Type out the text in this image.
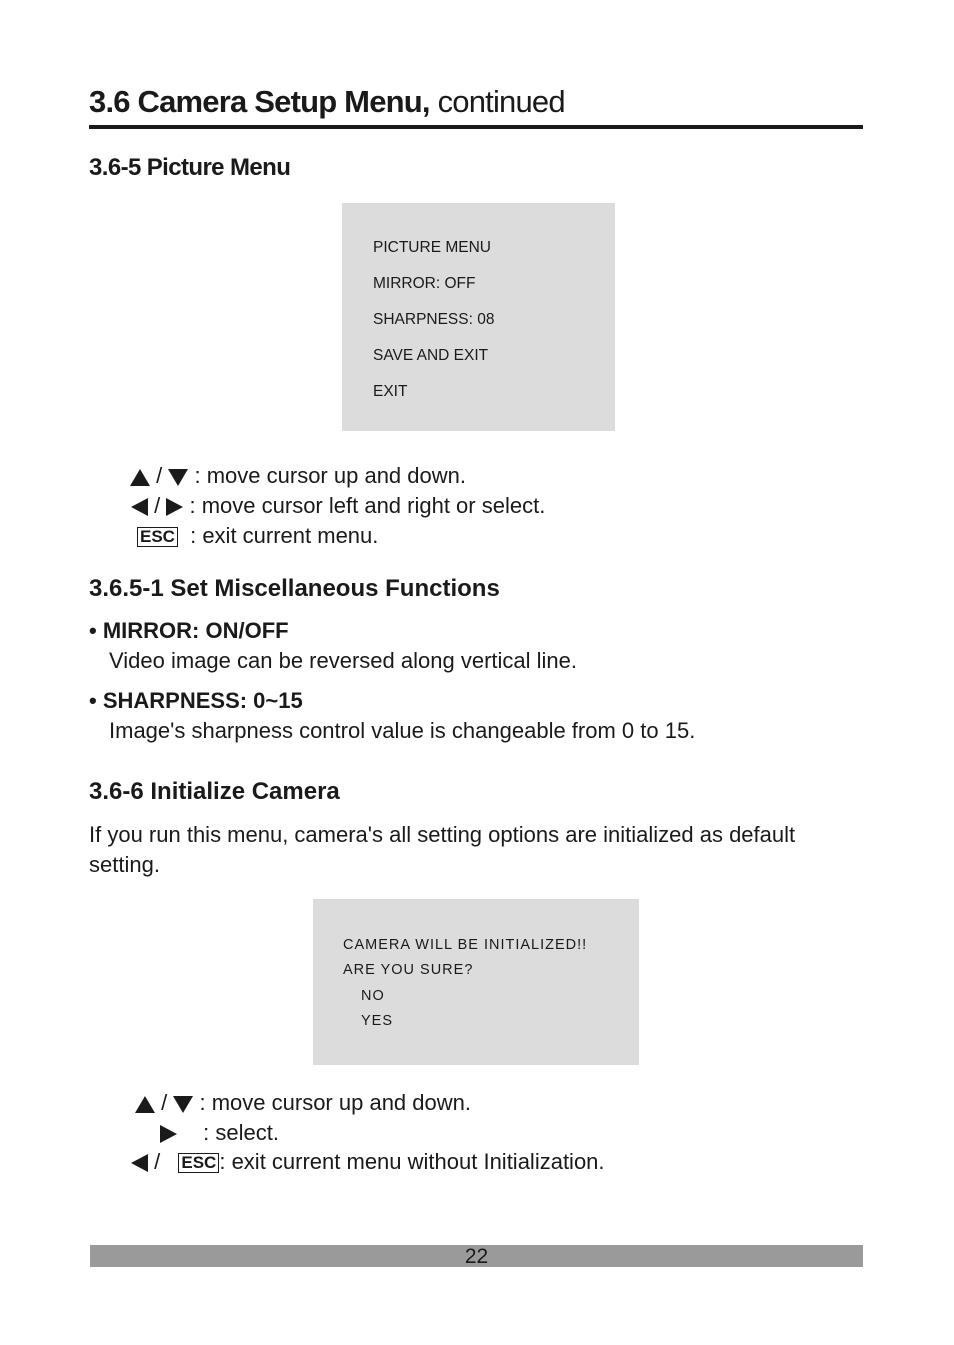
3.6 Camera Setup Menu, continued
3.6-5 Picture Menu
PICTURE MENU
MIRROR: OFF
SHARPNESS: 08
SAVE AND EXIT
EXIT
/ : move cursor up and down.
/ : move cursor left and right or select.
ESC : exit current menu.
3.6.5-1 Set Miscellaneous Functions
• MIRROR: ON/OFF
Video image can be reversed along vertical line.
• SHARPNESS: 0~15
Image's sharpness control value is changeable from 0 to 15.
3.6-6 Initialize Camera
If you run this menu, camera's all setting options are initialized as default
setting.
CAMERA WILL BE INITIALIZED!!
ARE YOU SURE?
NO
YES
/ : move cursor up and down.
: select.
/ ESC : exit current menu without Initialization.
22
